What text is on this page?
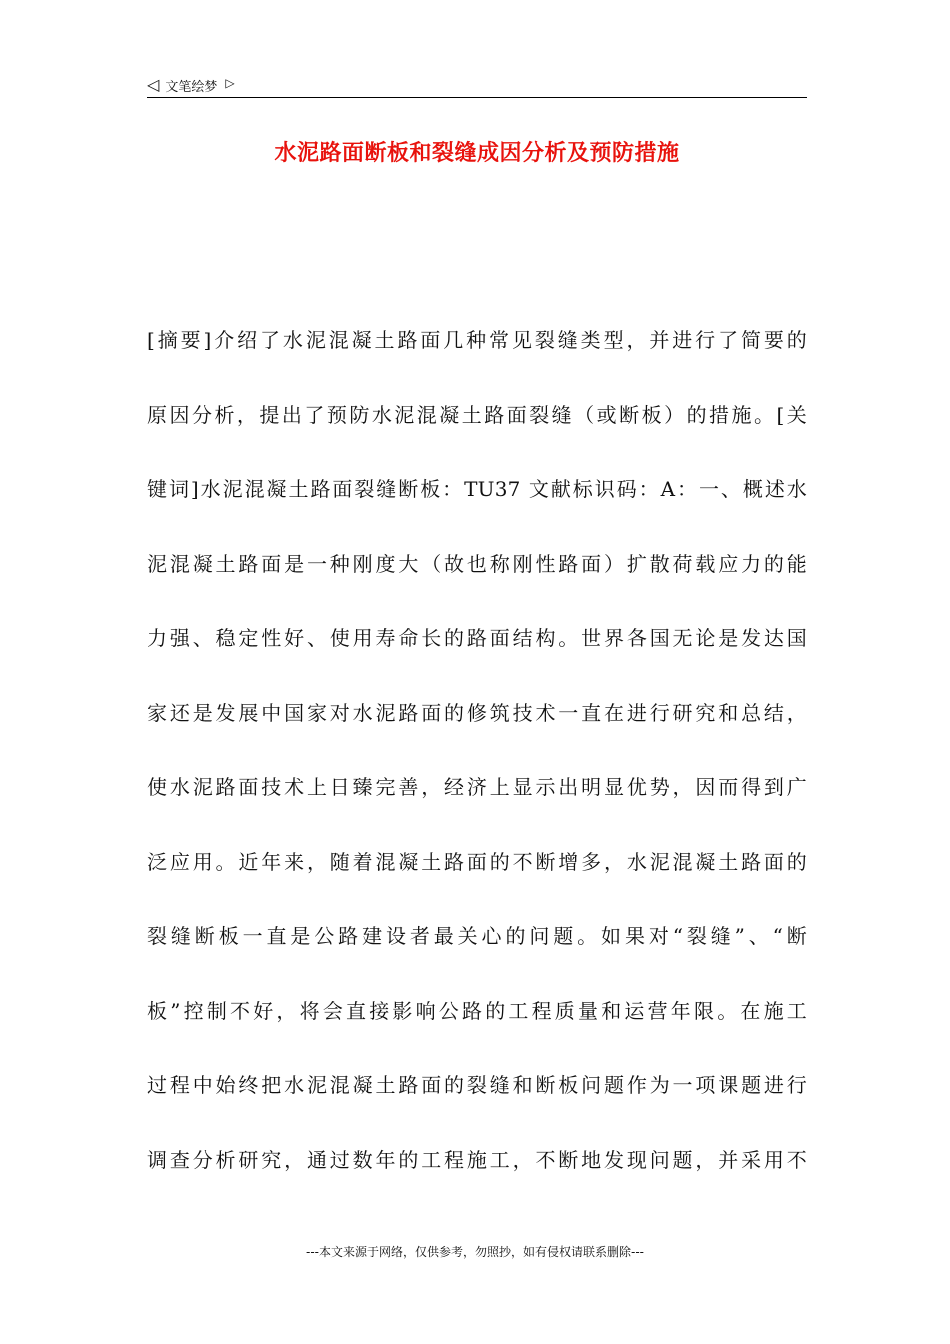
◁ 文笔绘梦 ▷
水泥路面断板和裂缝成因分析及预防措施
[摘要]介绍了水泥混凝土路面几种常见裂缝类型，并进行了简要的
原因分析，提出了预防水泥混凝土路面裂缝（或断板）的措施。[关
键词]水泥混凝土路面裂缝断板：TU37 文献标识码：A：一、概述水
泥混凝土路面是一种刚度大（故也称刚性路面）扩散荷载应力的能
力强、稳定性好、使用寿命长的路面结构。世界各国无论是发达国
家还是发展中国家对水泥路面的修筑技术一直在进行研究和总结，
使水泥路面技术上日臻完善，经济上显示出明显优势，因而得到广
泛应用。近年来，随着混凝土路面的不断增多，水泥混凝土路面的
裂缝断板一直是公路建设者最关心的问题。如果对“裂缝”、“断
板”控制不好，将会直接影响公路的工程质量和运营年限。在施工
过程中始终把水泥混凝土路面的裂缝和断板问题作为一项课题进行
调查分析研究，通过数年的工程施工，不断地发现问题，并采用不
---本文来源于网络，仅供参考，勿照抄，如有侵权请联系删除---
